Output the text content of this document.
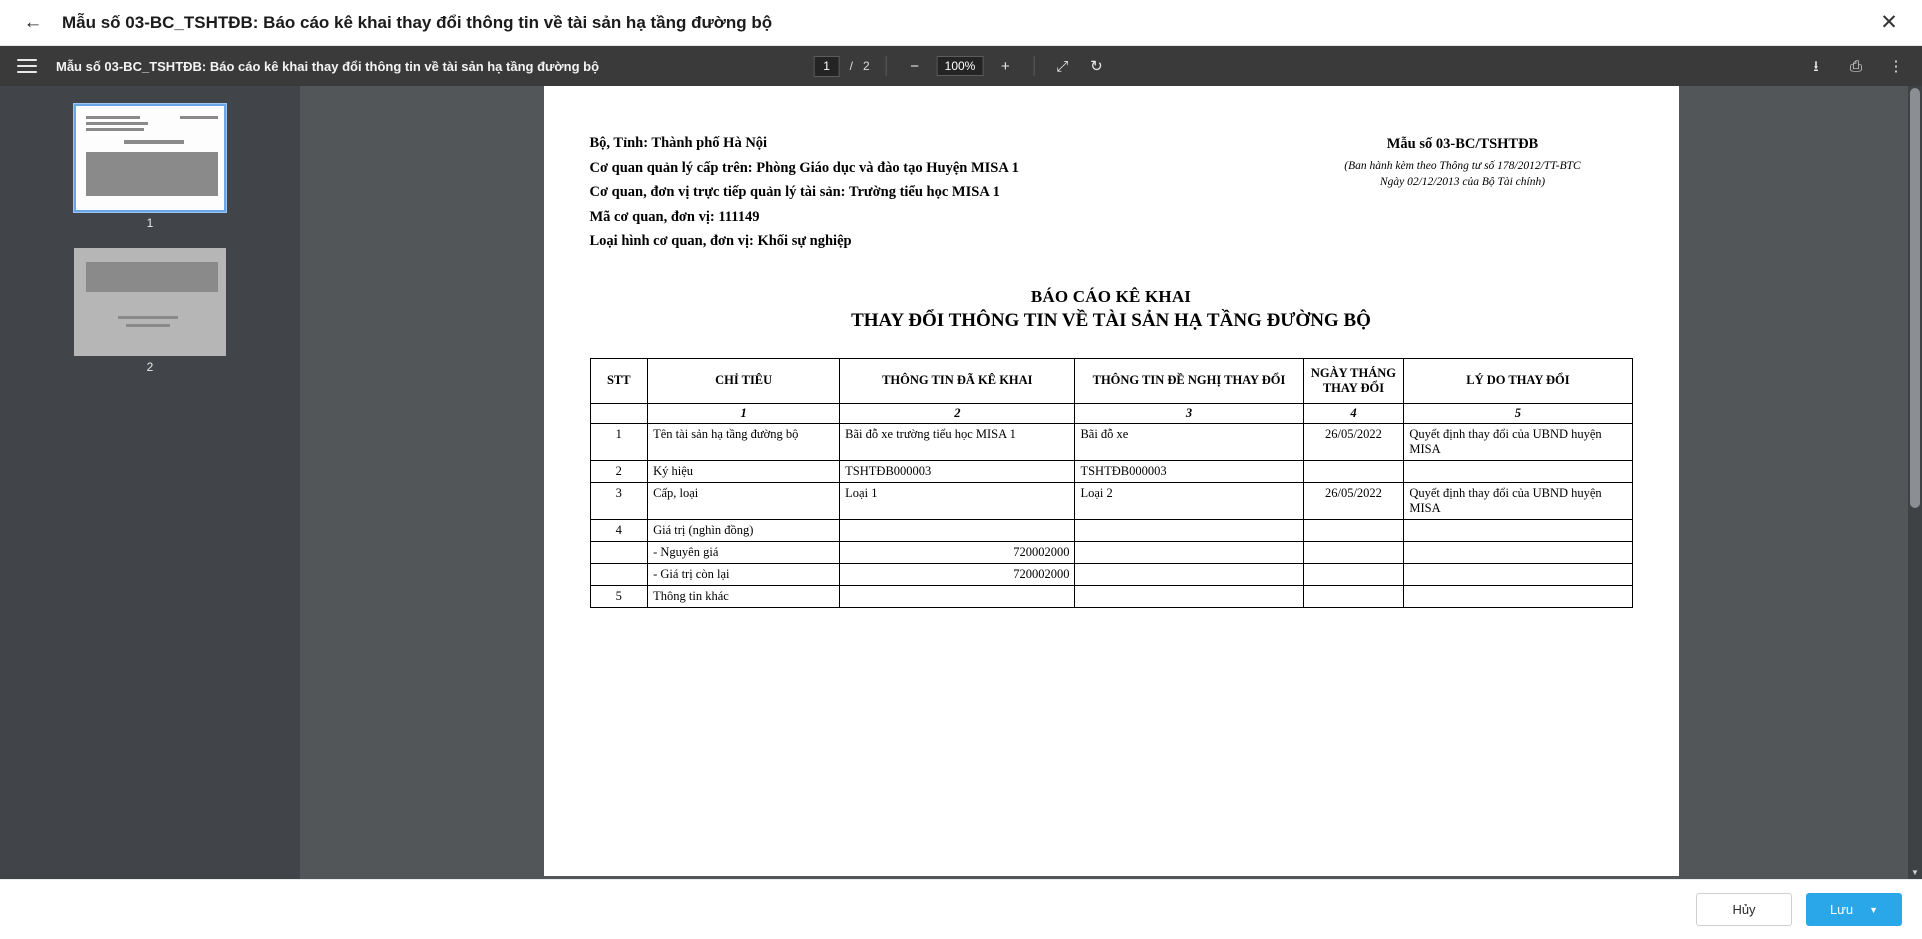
←	Mẫu số 03-BC_TSHTĐB: Báo cáo kê khai thay đổi thông tin về tài sản hạ tầng đường bộ	✕
Mẫu số 03-BC_TSHTĐB: Báo cáo kê khai thay đổi thông tin về tài sản hạ tầng đường bộ
1	/ 2	−	100%	+	⤢	↻	⭳	⎙	⋮
1
2

Bộ, Tỉnh: Thành phố Hà Nội

Cơ quan quản lý cấp trên: Phòng Giáo dục và đào tạo Huyện MISA 1

Cơ quan, đơn vị trực tiếp quản lý tài sản: Trường tiểu học MISA 1

Mã cơ quan, đơn vị: 111149

Loại hình cơ quan, đơn vị: Khối sự nghiệp

Mẫu số 03-BC/TSHTĐB

(Ban hành kèm theo Thông tư số 178/2012/TT-BTC

Ngày 02/12/2013 của Bộ Tài chính)

BÁO CÁO KÊ KHAI
THAY ĐỔI THÔNG TIN VỀ TÀI SẢN HẠ TẦNG ĐƯỜNG BỘ
STT	CHỈ TIÊU	THÔNG TIN ĐÃ KÊ KHAI	THÔNG TIN ĐỀ NGHỊ THAY ĐỔI	NGÀY THÁNG THAY ĐỔI	LÝ DO THAY ĐỔI
	1	2	3	4	5
1	Tên tài sản hạ tầng đường bộ	Bãi đỗ xe trường tiểu học MISA 1	Bãi đỗ xe	26/05/2022	Quyết định thay đổi của UBND huyện MISA
2	Ký hiệu	TSHTĐB000003	TSHTĐB000003		
3	Cấp, loại	Loại 1	Loại 2	26/05/2022	Quyết định thay đổi của UBND huyện MISA
4	Giá trị (nghìn đồng)				
	- Nguyên giá	720002000			
	- Giá trị còn lại	720002000			
5	Thông tin khác				
▼
Hủy	Lưu ▼
